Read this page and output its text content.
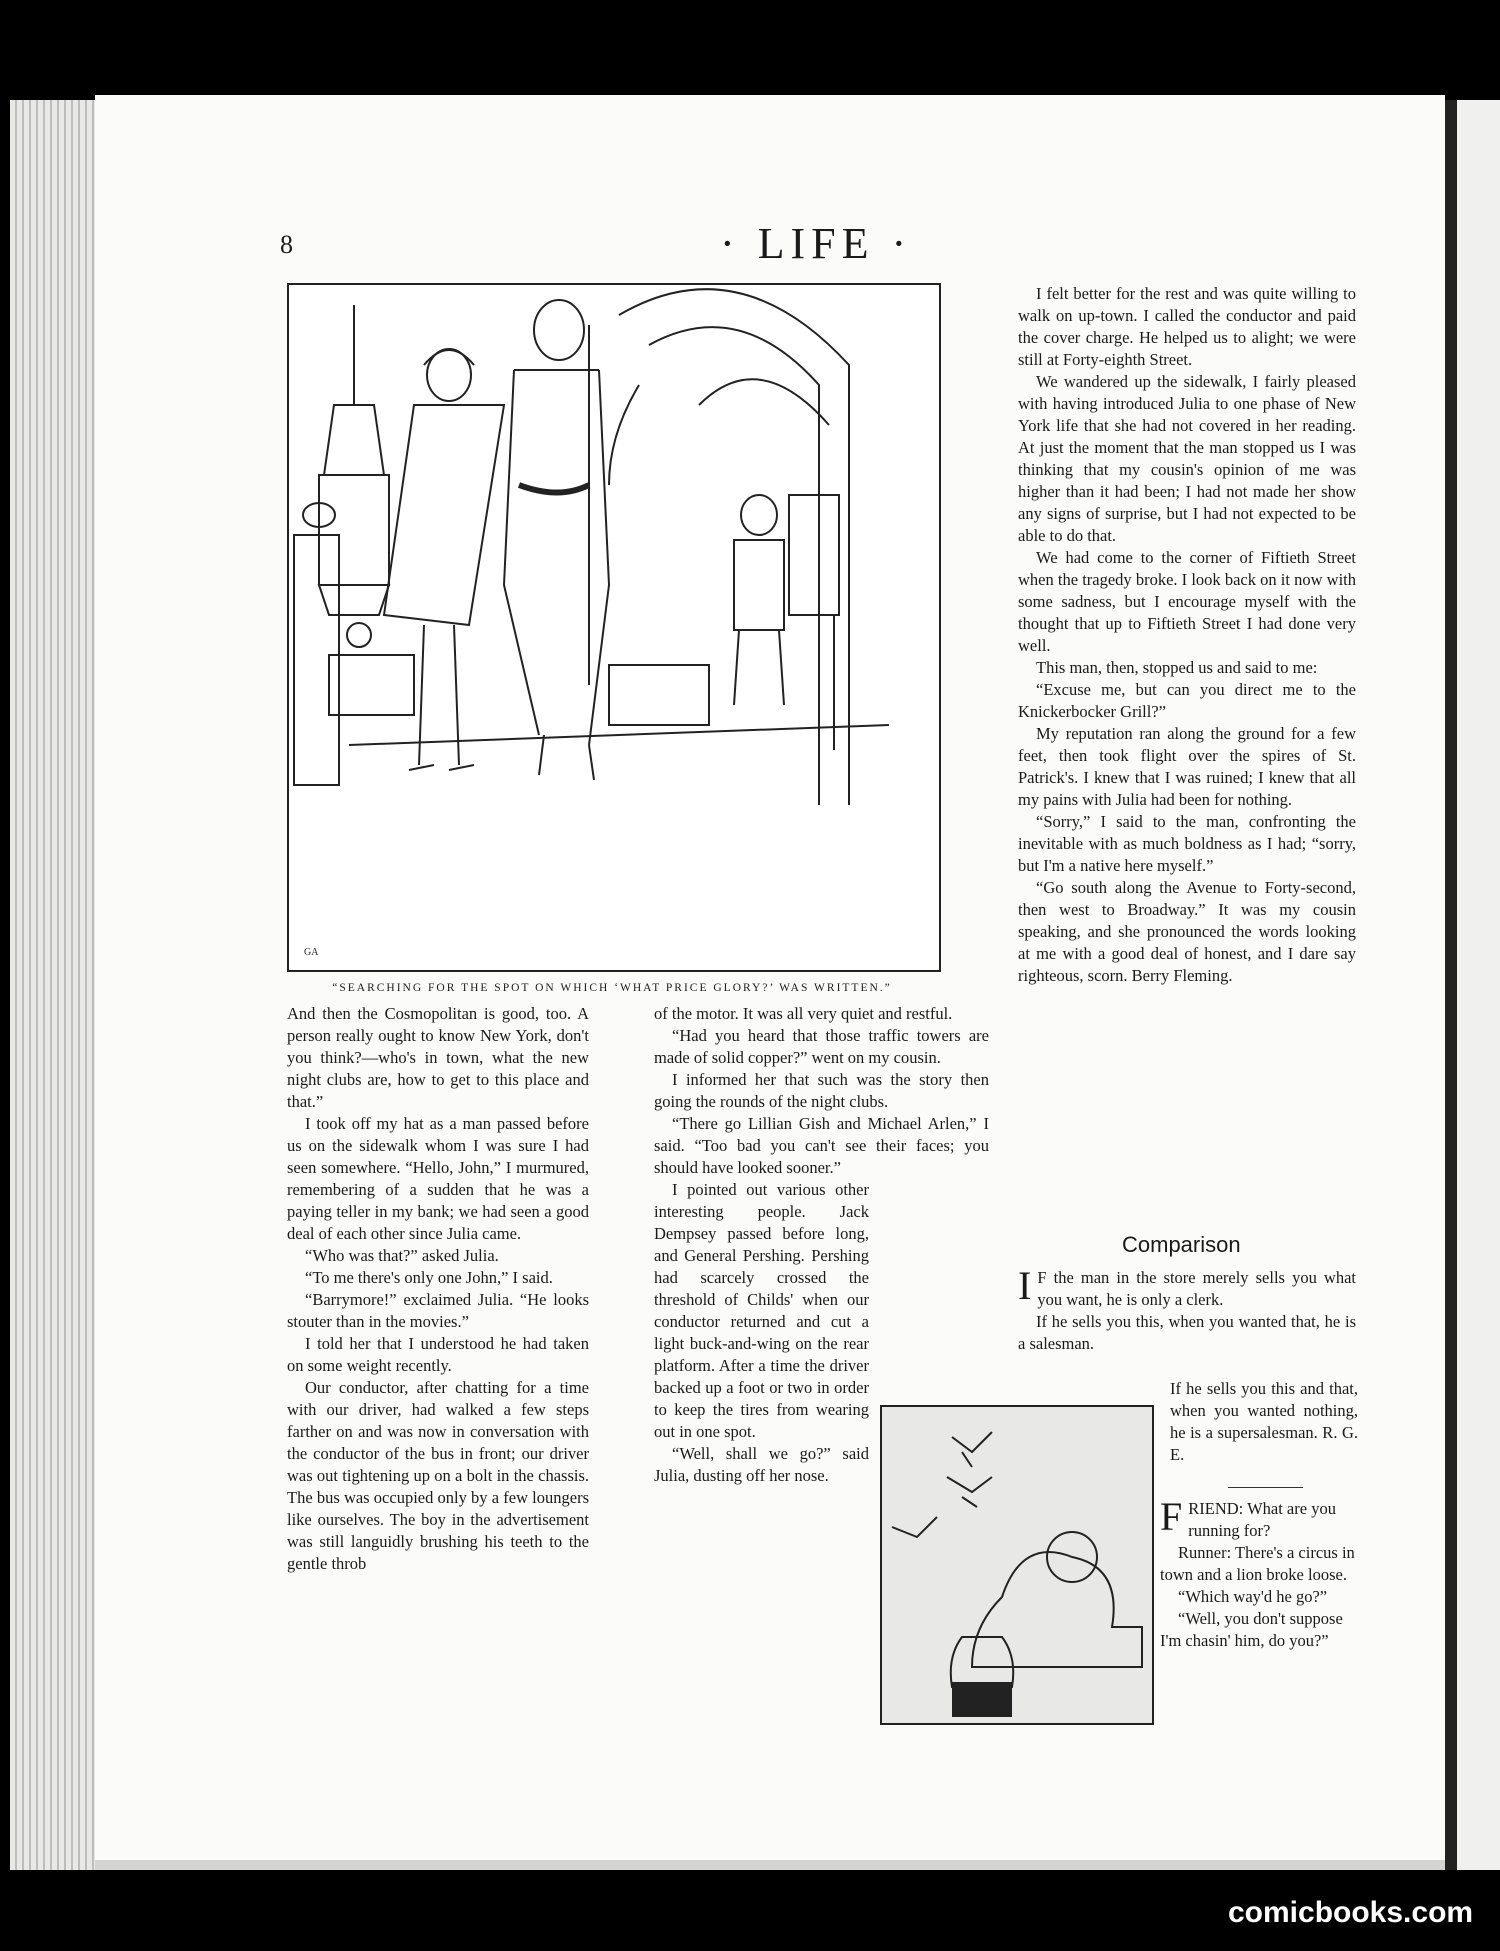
8	· LIFE ·
GA
“SEARCHING FOR THE SPOT ON WHICH ‘WHAT PRICE GLORY?’ WAS WRITTEN.”

And then the Cosmopolitan is good, too. A person really ought to know New York, don't you think?—who's in town, what the new night clubs are, how to get to this place and that.”

I took off my hat as a man passed before us on the sidewalk whom I was sure I had seen somewhere. “Hello, John,” I murmured, remembering of a sudden that he was a paying teller in my bank; we had seen a good deal of each other since Julia came.

“Who was that?” asked Julia.

“To me there's only one John,” I said.

“Barrymore!” exclaimed Julia. “He looks stouter than in the movies.”

I told her that I understood he had taken on some weight recently.

Our conductor, after chatting for a time with our driver, had walked a few steps farther on and was now in conversation with the conductor of the bus in front; our driver was out tightening up on a bolt in the chassis. The bus was occupied only by a few loungers like ourselves. The boy in the advertisement was still languidly brushing his teeth to the gentle throb

of the motor. It was all very quiet and restful.

“Had you heard that those traffic towers are made of solid copper?” went on my cousin.

I informed her that such was the story then going the rounds of the night clubs.

“There go Lillian Gish and Michael Arlen,” I said. “Too bad you can't see their faces; you should have looked sooner.”

I pointed out various other interesting people. Jack Dempsey passed before long, and General Pershing. Pershing had scarcely crossed the threshold of Childs' when our conductor returned and cut a light buck-and-wing on the rear platform. After a time the driver backed up a foot or two in order to keep the tires from wearing out in one spot.

“Well, shall we go?” said Julia, dusting off her nose.

I felt better for the rest and was quite willing to walk on up-town. I called the conductor and paid the cover charge. He helped us to alight; we were still at Forty-eighth Street.

We wandered up the sidewalk, I fairly pleased with having introduced Julia to one phase of New York life that she had not covered in her reading. At just the moment that the man stopped us I was thinking that my cousin's opinion of me was higher than it had been; I had not made her show any signs of surprise, but I had not expected to be able to do that.

We had come to the corner of Fiftieth Street when the tragedy broke. I look back on it now with some sadness, but I encourage myself with the thought that up to Fiftieth Street I had done very well.

This man, then, stopped us and said to me:

“Excuse me, but can you direct me to the Knickerbocker Grill?”

My reputation ran along the ground for a few feet, then took flight over the spires of St. Patrick's. I knew that I was ruined; I knew that all my pains with Julia had been for nothing.

“Sorry,” I said to the man, confronting the inevitable with as much boldness as I had; “sorry, but I'm a native here myself.”

“Go south along the Avenue to Forty-second, then west to Broadway.” It was my cousin speaking, and she pronounced the words looking at me with a good deal of honest, and I dare say righteous, scorn. Berry Fleming.

Comparison

I F the man in the store merely sells you what you want, he is only a clerk.

If he sells you this, when you wanted that, he is a salesman.

If he sells you this and that, when you wanted nothing, he is a supersalesman. R. G. E.

FRIEND: What are you running for?

Runner: There's a circus in town and a lion broke loose.

“Which way'd he go?”

“Well, you don't suppose I'm chasin' him, do you?”

comicbooks.com
